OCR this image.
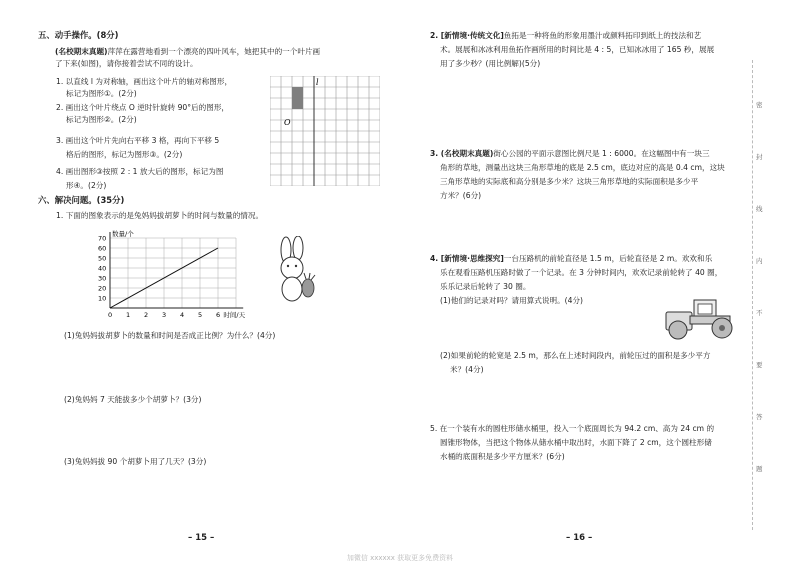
五、动手操作。(8分)
(名校期末真题)萍萍在露营地看到一个漂亮的四叶风车，她把其中的一个叶片画
了下来(如图)，请你接着尝试不同的设计。
1. 以直线 l 为对称轴，画出这个叶片的轴对称图形，
标记为图形①。(2分)
2. 画出这个叶片绕点 O 逆时针旋转 90°后的图形，
标记为图形②。(2分)
3. 画出这个叶片先向右平移 3 格，再向下平移 5
格后的图形，标记为图形③。(2分)
4. 画出图形③按照 2 : 1 放大后的图形，标记为图
形④。(2分)
l
O
六、解决问题。(35分)
1. 下面的图象表示的是兔妈妈拔胡萝卜的时间与数量的情况。
0 1 2 3 4 5 6
10
20
30
40
50
60
70
数量/个
时间/天
(1)兔妈妈拔胡萝卜的数量和时间是否成正比例？为什么？(4分)
(2)兔妈妈 7 天能拔多少个胡萝卜？(3分)
(3)兔妈妈拔 90 个胡萝卜用了几天？(3分)
– 15 –
2. [新情境·传统文化]鱼拓是一种将鱼的形象用墨汁或颜料拓印到纸上的技法和艺
术。展展和冰冰利用鱼拓作画所用的时间比是 4 : 5，已知冰冰用了 165 秒，展展
用了多少秒？(用比例解)(5分)
3. (名校期末真题)街心公园的平面示意图比例尺是 1 : 6000。在这幅图中有一块三
角形的草地，测量出这块三角形草地的底是 2.5 cm，底边对应的高是 0.4 cm，这块
三角形草地的实际底和高分别是多少米？这块三角形草地的实际面积是多少平
方米？(6分)
4. [新情境·思维探究]一台压路机的前轮直径是 1.5 m，后轮直径是 2 m。欢欢和乐
乐在观看压路机压路时做了一个记录。在 3 分钟时间内，欢欢记录前轮转了 40 圈，
乐乐记录后轮转了 30 圈。
(1)他们的记录对吗？请用算式说明。(4分)
(2)如果前轮的轮宽是 2.5 m，那么在上述时间段内，前轮压过的面积是多少平方
米？(4分)
5. 在一个装有水的圆柱形储水桶里，投入一个底面周长为 94.2 cm、高为 24 cm 的
圆锥形物体，当把这个物体从储水桶中取出时，水面下降了 2 cm，这个圆柱形储
水桶的底面积是多少平方厘米？(6分)
– 16 –
密
封
线
内
不
要
答
题
加微信 xxxxxx 获取更多免费资料
